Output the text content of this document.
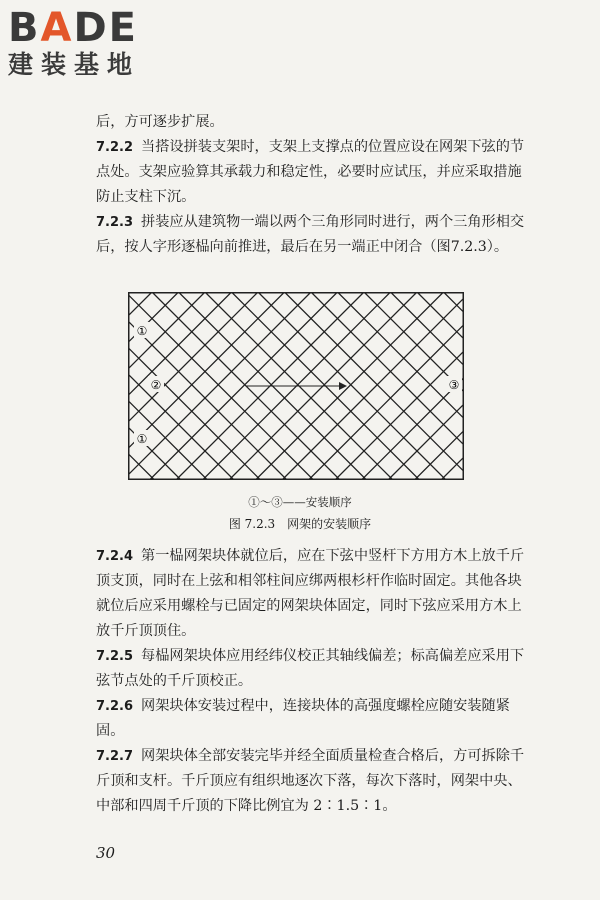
BADE
建装基地

后，方可逐步扩展。

7.2.2 当搭设拼装支架时，支架上支撑点的位置应设在网架下弦的节点处。支架应验算其承载力和稳定性，必要时应试压，并应采取措施防止支柱下沉。

7.2.3 拼装应从建筑物一端以两个三角形同时进行，两个三角形相交后，按人字形逐榀向前推进，最后在另一端正中闭合（图7.2.3）。

①
②
①
③
①～③——安装顺序
图 7.2.3　网架的安装顺序

7.2.4 第一榀网架块体就位后，应在下弦中竖杆下方用方木上放千斤顶支顶，同时在上弦和相邻柱间应绑两根杉杆作临时固定。其他各块就位后应采用螺栓与已固定的网架块体固定，同时下弦应采用方木上放千斤顶顶住。

7.2.5 每榀网架块体应用经纬仪校正其轴线偏差；标高偏差应采用下弦节点处的千斤顶校正。

7.2.6 网架块体安装过程中，连接块体的高强度螺栓应随安装随紧固。

7.2.7 网架块体全部安装完毕并经全面质量检查合格后，方可拆除千斤顶和支杆。千斤顶应有组织地逐次下落，每次下落时，网架中央、中部和四周千斤顶的下降比例宜为 2∶1.5∶1。

30
